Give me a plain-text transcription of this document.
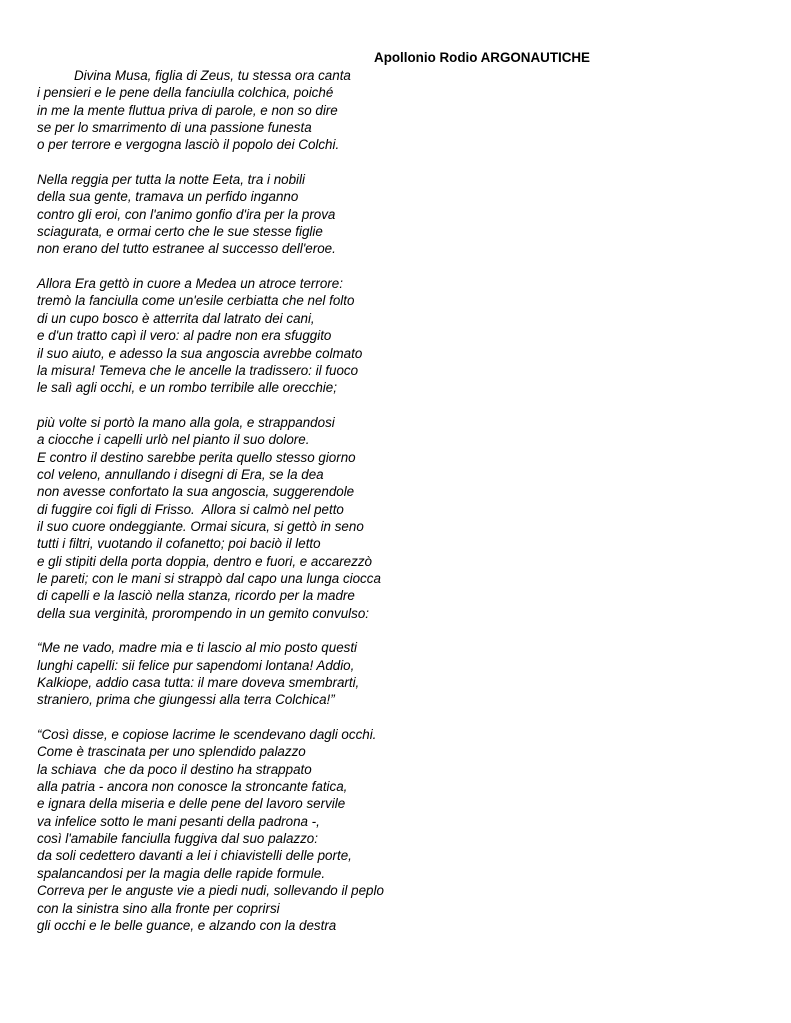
Apollonio Rodio ARGONAUTICHE
Divina Musa, figlia di Zeus, tu stessa ora canta
i pensieri e le pene della fanciulla colchica, poiché
in me la mente fluttua priva di parole, e non so dire
se per lo smarrimento di una passione funesta
o per terrore e vergogna lasciò il popolo dei Colchi.
Nella reggia per tutta la notte Eeta, tra i nobili
della sua gente, tramava un perfido inganno
contro gli eroi, con l'animo gonfio d'ira per la prova
sciagurata, e ormai certo che le sue stesse figlie
non erano del tutto estranee al successo dell'eroe.
Allora Era gettò in cuore a Medea un atroce terrore:
tremò la fanciulla come un'esile cerbiatta che nel folto
di un cupo bosco è atterrita dal latrato dei cani,
e d'un tratto capì il vero: al padre non era sfuggito
il suo aiuto, e adesso la sua angoscia avrebbe colmato
la misura! Temeva che le ancelle la tradissero: il fuoco
le salì agli occhi, e un rombo terribile alle orecchie;
più volte si portò la mano alla gola, e strappandosi
a ciocche i capelli urlò nel pianto il suo dolore.
E contro il destino sarebbe perita quello stesso giorno
col veleno, annullando i disegni di Era, se la dea
non avesse confortato la sua angoscia, suggerendole
di fuggire coi figli di Frisso.  Allora si calmò nel petto
il suo cuore ondeggiante. Ormai sicura, si gettò in seno
tutti i filtri, vuotando il cofanetto; poi baciò il letto
e gli stipiti della porta doppia, dentro e fuori, e accarezzò
le pareti; con le mani si strappò dal capo una lunga ciocca
di capelli e la lasciò nella stanza, ricordo per la madre
della sua verginità, prorompendo in un gemito convulso:
“Me ne vado, madre mia e ti lascio al mio posto questi
lunghi capelli: sii felice pur sapendomi lontana! Addio,
Kalkiope, addio casa tutta: il mare doveva smembrarti,
straniero, prima che giungessi alla terra Colchica!”
“Così disse, e copiose lacrime le scendevano dagli occhi.
Come è trascinata per uno splendido palazzo
la schiava  che da poco il destino ha strappato
alla patria - ancora non conosce la stroncante fatica,
e ignara della miseria e delle pene del lavoro servile
va infelice sotto le mani pesanti della padrona -,
così l'amabile fanciulla fuggiva dal suo palazzo:
da soli cedettero davanti a lei i chiavistelli delle porte,
spalancandosi per la magia delle rapide formule.
Correva per le anguste vie a piedi nudi, sollevando il peplo
con la sinistra sino alla fronte per coprirsi
gli occhi e le belle guance, e alzando con la destra
